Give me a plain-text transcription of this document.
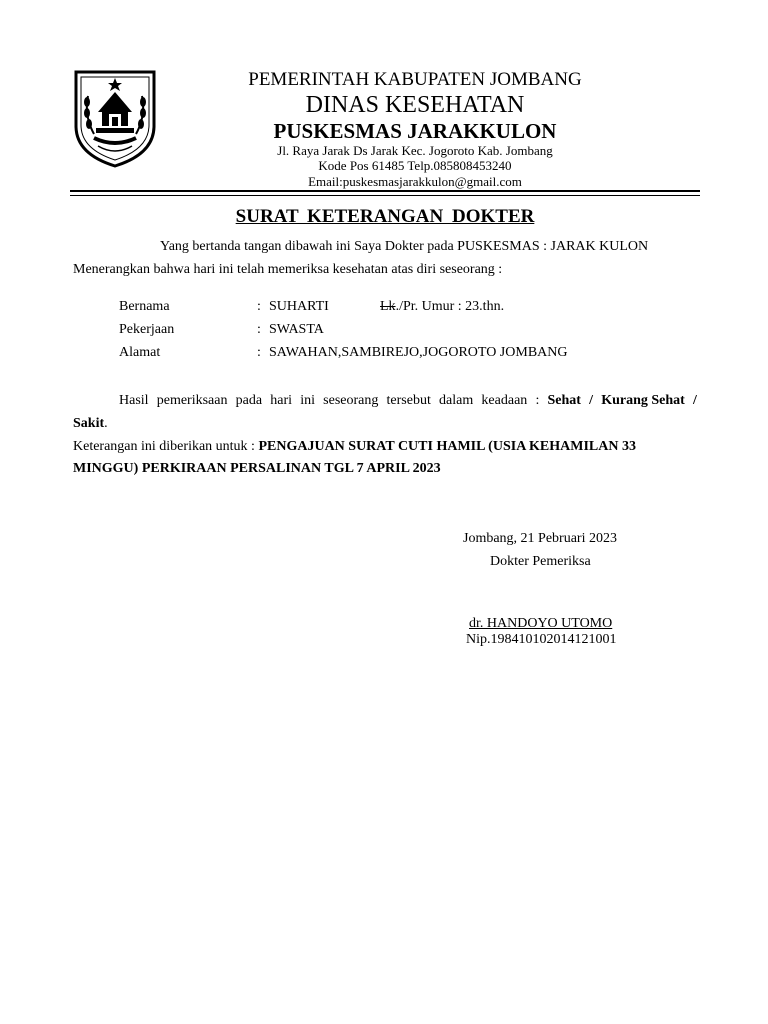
PEMERINTAH KABUPATEN JOMBANG
DINAS KESEHATAN
PUSKESMAS JARAKKULON
Jl. Raya Jarak Ds Jarak Kec. Jogoroto Kab. Jombang
Kode Pos 61485 Telp.085808453240
Email:puskesmasjarakkulon@gmail.com
SURAT KETERANGAN DOKTER
Yang bertanda tangan dibawah ini Saya Dokter pada PUSKESMAS : JARAK KULON
Menerangkan bahwa hari ini telah memeriksa kesehatan atas diri seseorang :
Bernama	: SUHARTI	Lk./Pr. Umur : 23.thn.
Pekerjaan	: SWASTA
Alamat	: SAWAHAN,SAMBIREJO,JOGOROTO JOMBANG
Hasil pemeriksaan pada hari ini seseorang tersebut dalam keadaan : Sehat / Kurang Sehat /
Sakit.
Keterangan ini diberikan untuk : PENGAJUAN SURAT CUTI HAMIL (USIA KEHAMILAN 33
MINGGU) PERKIRAAN PERSALINAN TGL 7 APRIL 2023
Jombang, 21 Pebruari 2023
Dokter Pemeriksa
dr. HANDOYO UTOMO
Nip.198410102014121001
